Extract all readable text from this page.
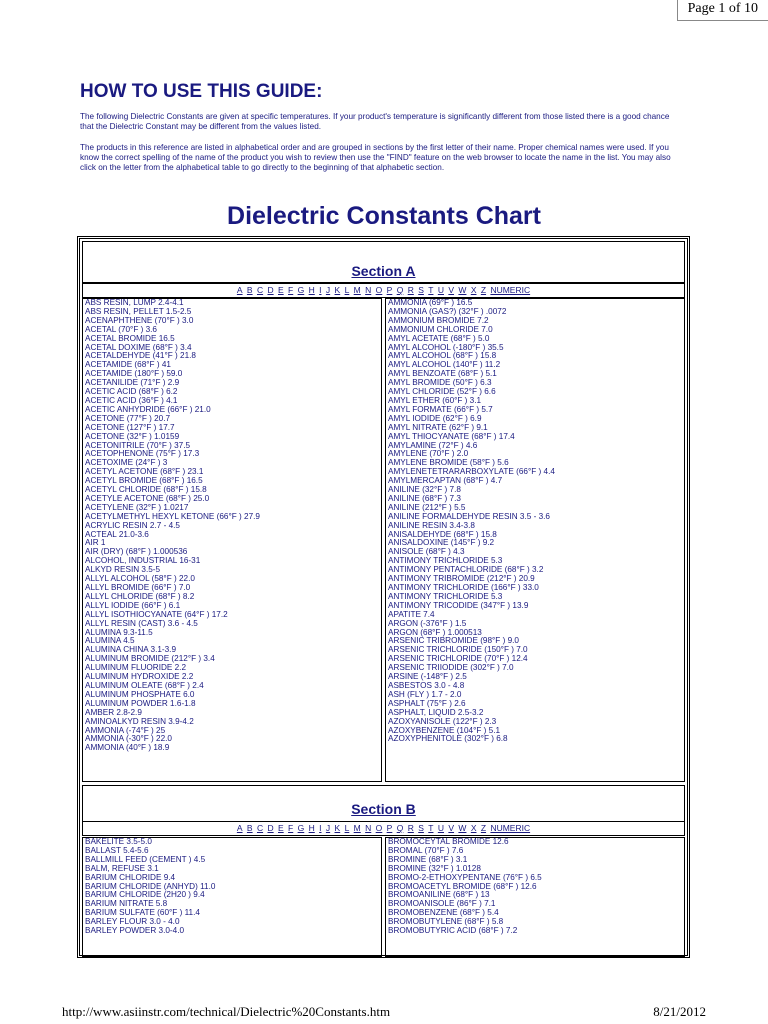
Page 1 of 10
HOW TO USE THIS GUIDE:

The following Dielectric Constants are given at specific temperatures. If your product's temperature is significantly different from those listed there is a good chance that the Dielectric Constant may be different from the values listed.

The products in this reference are listed in alphabetical order and are grouped in sections by the first letter of their name. Proper chemical names were used. If you know the correct spelling of the name of the product you wish to review then use the "FIND" feature on the web browser to locate the name in the list. You may also click on the letter from the alphabetical table to go directly to the beginning of that alphabetic section.

Dielectric Constants Chart
Section A
A B C D E F G H I J K L M N O P Q R S T U V W X Z NUMERIC
ABS RESIN, LUMP 2.4-4.1
ABS RESIN, PELLET 1.5-2.5
ACENAPHTHENE (70°F ) 3.0
ACETAL (70°F ) 3.6
ACETAL BROMIDE 16.5
ACETAL DOXIME (68°F ) 3.4
ACETALDEHYDE (41°F ) 21.8
ACETAMIDE (68°F ) 41
ACETAMIDE (180°F ) 59.0
ACETANILIDE (71°F ) 2.9
ACETIC ACID (68°F ) 6.2
ACETIC ACID (36°F ) 4.1
ACETIC ANHYDRIDE (66°F ) 21.0
ACETONE (77°F ) 20.7
ACETONE (127°F ) 17.7
ACETONE (32°F ) 1.0159
ACETONITRILE (70°F ) 37.5
ACETOPHENONE (75°F ) 17.3
ACETOXIME (24°F ) 3
ACETYL ACETONE (68°F ) 23.1
ACETYL BROMIDE (68°F ) 16.5
ACETYL CHLORIDE (68°F ) 15.8
ACETYLE ACETONE (68°F ) 25.0
ACETYLENE (32°F ) 1.0217
ACETYLMETHYL HEXYL KETONE (66°F ) 27.9
ACRYLIC RESIN 2.7 - 4.5
ACTEAL 21.0-3.6
AIR 1
AIR (DRY) (68°F ) 1.000536
ALCOHOL, INDUSTRIAL 16-31
ALKYD RESIN 3.5-5
ALLYL ALCOHOL (58°F ) 22.0
ALLYL BROMIDE (66°F ) 7.0
ALLYL CHLORIDE (68°F ) 8.2
ALLYL IODIDE (66°F ) 6.1
ALLYL ISOTHIOCYANATE (64°F ) 17.2
ALLYL RESIN (CAST) 3.6 - 4.5
ALUMINA 9.3-11.5
ALUMINA 4.5
ALUMINA CHINA 3.1-3.9
ALUMINUM BROMIDE (212°F ) 3.4
ALUMINUM FLUORIDE 2.2
ALUMINUM HYDROXIDE 2.2
ALUMINUM OLEATE (68°F ) 2.4
ALUMINUM PHOSPHATE 6.0
ALUMINUM POWDER 1.6-1.8
AMBER 2.8-2.9
AMINOALKYD RESIN 3.9-4.2
AMMONIA (-74°F ) 25
AMMONIA (-30°F ) 22.0
AMMONIA (40°F ) 18.9
AMMONIA (69°F ) 16.5
AMMONIA (GAS?) (32°F ) .0072
AMMONIUM BROMIDE 7.2
AMMONIUM CHLORIDE 7.0
AMYL ACETATE (68°F ) 5.0
AMYL ALCOHOL (-180°F ) 35.5
AMYL ALCOHOL (68°F ) 15.8
AMYL ALCOHOL (140°F ) 11.2
AMYL BENZOATE (68°F ) 5.1
AMYL BROMIDE (50°F ) 6.3
AMYL CHLORIDE (52°F ) 6.6
AMYL ETHER (60°F ) 3.1
AMYL FORMATE (66°F ) 5.7
AMYL IODIDE (62°F ) 6.9
AMYL NITRATE (62°F ) 9.1
AMYL THIOCYANATE (68°F ) 17.4
AMYLAMINE (72°F ) 4.6
AMYLENE (70°F ) 2.0
AMYLENE BROMIDE (58°F ) 5.6
AMYLENETETRARARBOXYLATE (66°F ) 4.4
AMYLMERCAPTAN (68°F ) 4.7
ANILINE (32°F ) 7.8
ANILINE (68°F ) 7.3
ANILINE (212°F ) 5.5
ANILINE FORMALDEHYDE RESIN 3.5 - 3.6
ANILINE RESIN 3.4-3.8
ANISALDEHYDE (68°F ) 15.8
ANISALDOXINE (145°F ) 9.2
ANISOLE (68°F ) 4.3
ANTIMONY TRICHLORIDE 5.3
ANTIMONY PENTACHLORIDE (68°F ) 3.2
ANTIMONY TRIBROMIDE (212°F ) 20.9
ANTIMONY TRICHLORIDE (166°F ) 33.0
ANTIMONY TRICHLORIDE 5.3
ANTIMONY TRICODIDE (347°F ) 13.9
APATITE 7.4
ARGON (-376°F ) 1.5
ARGON (68°F ) 1.000513
ARSENIC TRIBROMIDE (98°F ) 9.0
ARSENIC TRICHLORIDE (150°F ) 7.0
ARSENIC TRICHLORIDE (70°F ) 12.4
ARSENIC TRIIODIDE (302°F ) 7.0
ARSINE (-148°F ) 2.5
ASBESTOS 3.0 - 4.8
ASH (FLY ) 1.7 - 2.0
ASPHALT (75°F ) 2.6
ASPHALT, LIQUID 2.5-3.2
AZOXYANISOLE (122°F ) 2.3
AZOXYBENZENE (104°F ) 5.1
AZOXYPHENITOLE (302°F ) 6.8
Section B
A B C D E F G H I J K L M N O P Q R S T U V W X Z NUMERIC
BAKELITE 3.5-5.0
BALLAST 5.4-5.6
BALLMILL FEED (CEMENT ) 4.5
BALM, REFUSE 3.1
BARIUM CHLORIDE 9.4
BARIUM CHLORIDE (ANHYD) 11.0
BARIUM CHLORIDE (2H20 ) 9.4
BARIUM NITRATE 5.8
BARIUM SULFATE (60°F ) 11.4
BARLEY FLOUR 3.0 - 4.0
BARLEY POWDER 3.0-4.0
BROMOCEYTAL BROMIDE 12.6
BROMAL (70°F ) 7.6
BROMINE (68°F ) 3.1
BROMINE (32°F ) 1.0128
BROMO-2-ETHOXYPENTANE (76°F ) 6.5
BROMOACETYL BROMIDE (68°F ) 12.6
BROMOANILINE (68°F ) 13
BROMOANISOLE (86°F ) 7.1
BROMOBENZENE (68°F ) 5.4
BROMOBUTYLENE (68°F ) 5.8
BROMOBUTYRIC ACID (68°F ) 7.2
http://www.asiinstr.com/technical/Dielectric%20Constants.htm	8/21/2012
